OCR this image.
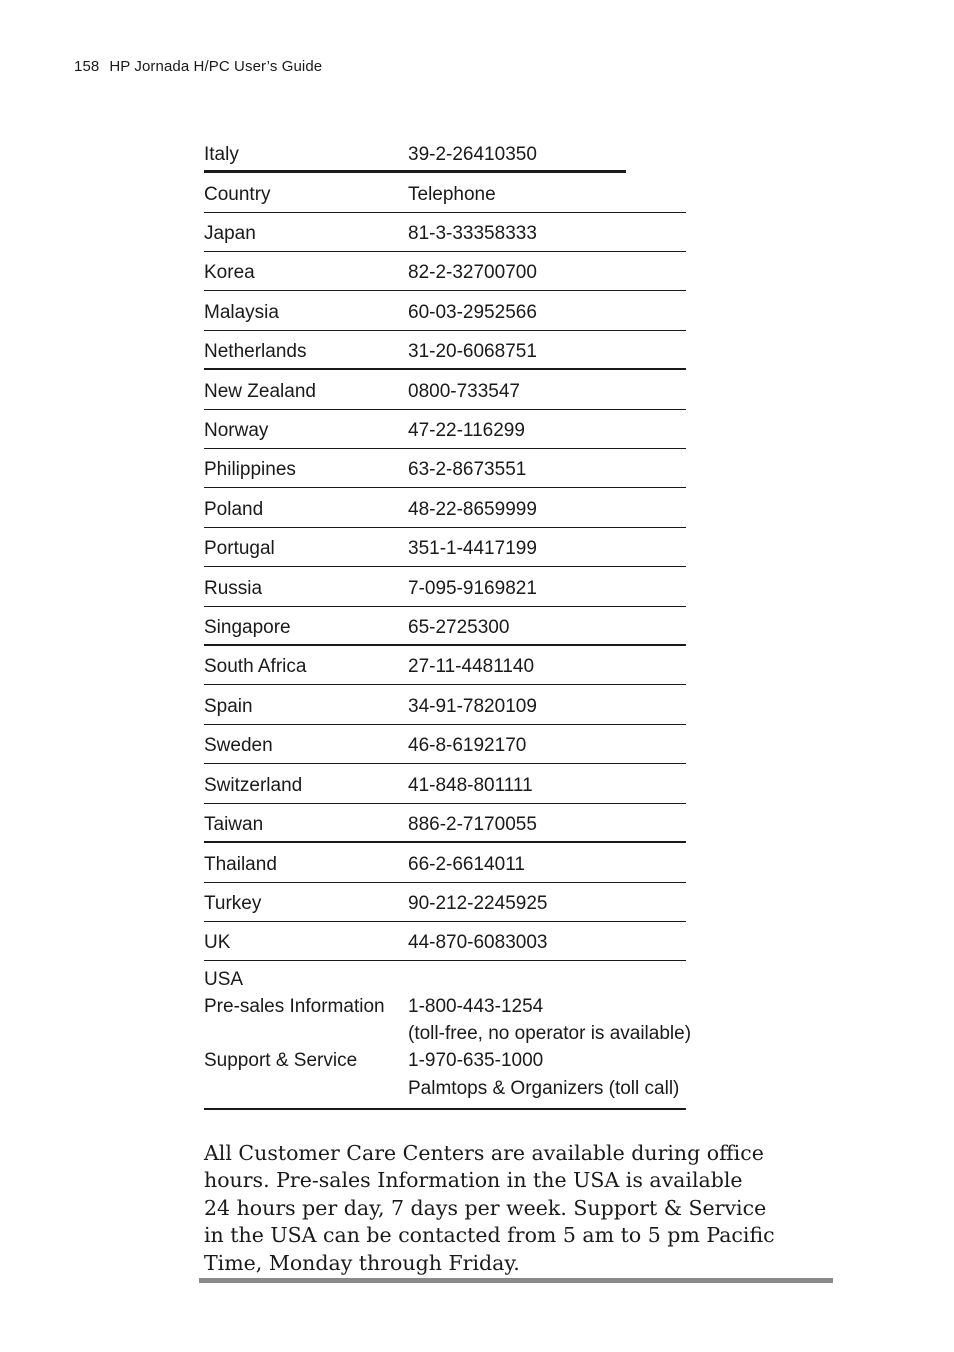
158 HP Jornada H/PC User’s Guide
Italy	39-2-26410350
Country	Telephone
Japan	81-3-33358333
Korea	82-2-32700700
Malaysia	60-03-2952566
Netherlands	31-20-6068751
New Zealand	0800-733547
Norway	47-22-116299
Philippines	63-2-8673551
Poland	48-22-8659999
Portugal	351-1-4417199
Russia	7-095-9169821
Singapore	65-2725300
South Africa	27-11-4481140
Spain	34-91-7820109
Sweden	46-8-6192170
Switzerland	41-848-801111
Taiwan	886-2-7170055
Thailand	66-2-6614011
Turkey	90-212-2245925
UK	44-870-6083003
USA
Pre-sales Information 1-800-443-1254
(toll-free, no operator is available)
Support & Service	1-970-635-1000
Palmtops & Organizers (toll call)

All Customer Care Centers are available during office
hours. Pre-sales Information in the USA is available
24 hours per day, 7 days per week. Support & Service
in the USA can be contacted from 5 am to 5 pm Pacific
Time, Monday through Friday.
